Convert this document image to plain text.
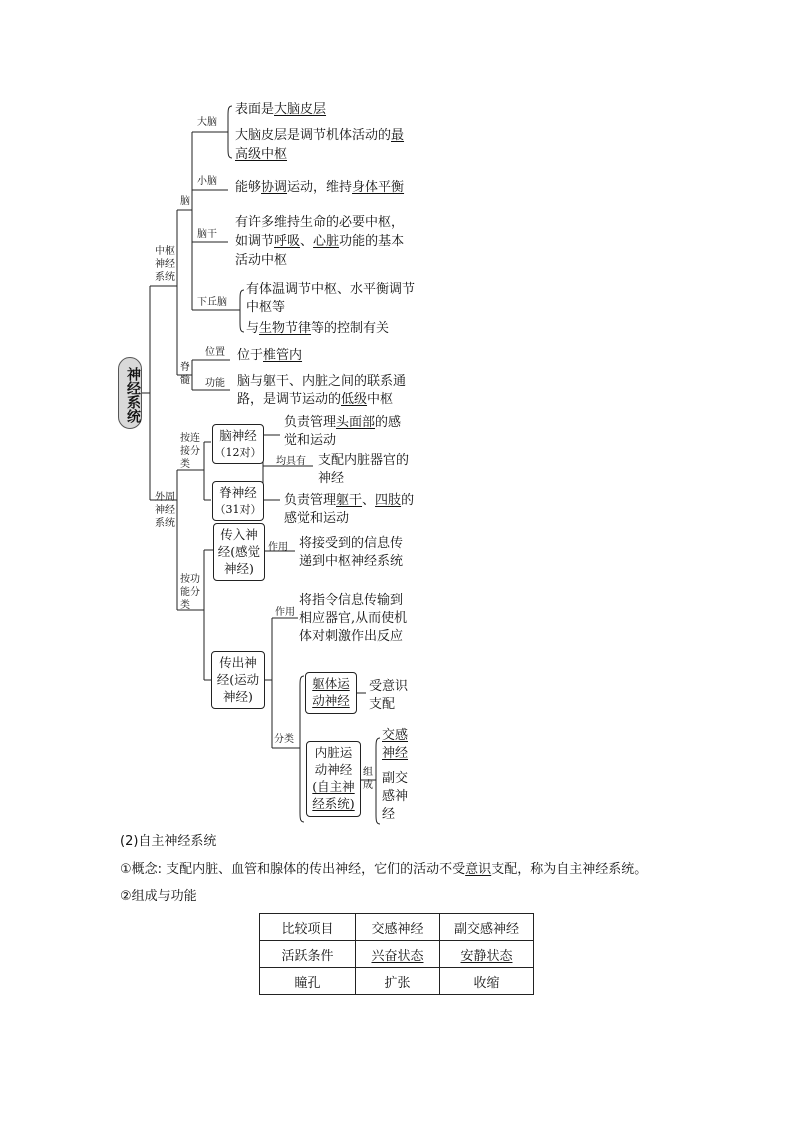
神经系统
中枢神经系统
脑
大脑
表面是大脑皮层
大脑皮层是调节机体活动的最
高级中枢
小脑 能够协调运动，维持身体平衡
脑干
有许多维持生命的必要中枢，
如调节呼吸、心脏功能的基本
活动中枢
下丘脑
有体温调节中枢、水平衡调节
中枢等
与生物节律等的控制有关
脊髓
位置 位于椎管内
功能 脑与躯干、内脏之间的联系通
路，是调节运动的低级中枢
外周神经系统
按连接分类
脑神经
（12对）
负责管理头面部的感
觉和运动
均具有 支配内脏器官的
神经
脊神经
（31对）
负责管理躯干、四肢的
感觉和运动
按功能分类
传入神
经(感觉
神经)
作用 将接受到的信息传
递到中枢神经系统
传出神
经(运动
神经)
作用
将指令信息传输到
相应器官,从而使机
体对刺激作出反应
分类
躯体运
动神经
受意识
支配
内脏运
动神经
(自主神
经系统)
组成
交感
神经
副交
感神
经
(2)自主神经系统
①概念: 支配内脏、血管和腺体的传出神经，它们的活动不受意识支配，称为自主神经系统。
②组成与功能
比较项目	交感神经	副交感神经
活跃条件	兴奋状态	安静状态
瞳孔	扩张	收缩
